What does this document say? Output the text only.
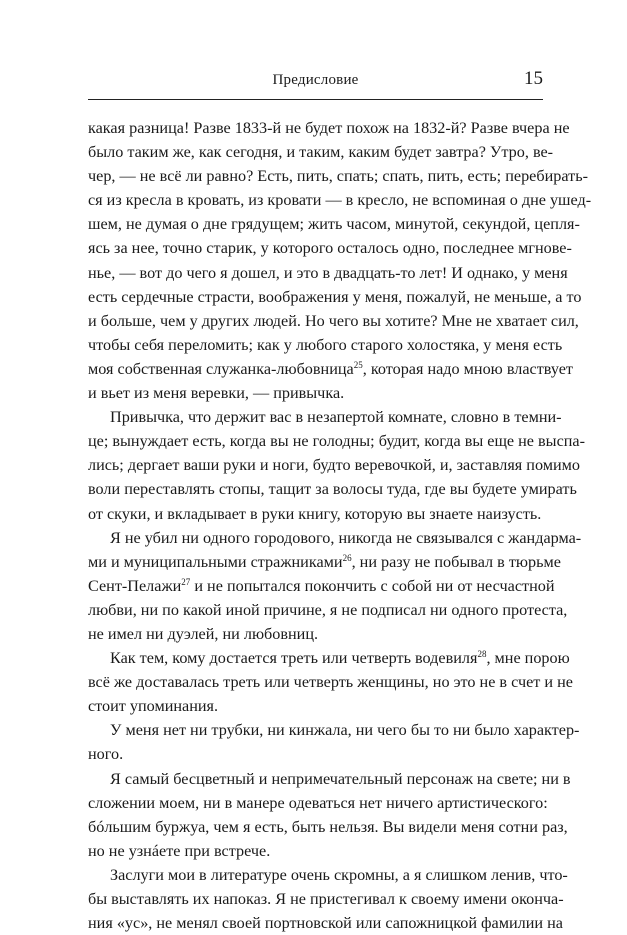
Предисловие	15
какая разница! Разве 1833-й не будет похож на 1832-й? Разве вчера не
было таким же, как сегодня, и таким, каким будет завтра? Утро, ве-
чер, — не всё ли равно? Есть, пить, спать; спать, пить, есть; перебирать-
ся из кресла в кровать, из кровати — в кресло, не вспоминая о дне ушед-
шем, не думая о дне грядущем; жить часом, минутой, секундой, цепля-
ясь за нее, точно старик, у которого осталось одно, последнее мгнове-
нье, — вот до чего я дошел, и это в двадцать-то лет! И однако, у меня
есть сердечные страсти, воображения у меня, пожалуй, не меньше, а то
и больше, чем у других людей. Но чего вы хотите? Мне не хватает сил,
чтобы себя переломить; как у любого старого холостяка, у меня есть
моя собственная служанка-любовница$^{25}$, которая надо мною властвует
и вьет из меня веревки, — привычка.
Привычка, что держит вас в незапертой комнате, словно в темни-
це; вынуждает есть, когда вы не голодны; будит, когда вы еще не выспа-
лись; дергает ваши руки и ноги, будто веревочкой, и, заставляя помимо
воли переставлять стопы, тащит за волосы туда, где вы будете умирать
от скуки, и вкладывает в руки книгу, которую вы знаете наизусть.
Я не убил ни одного городового, никогда не связывался с жандарма-
ми и муниципальными стражниками$^{26}$, ни разу не побывал в тюрьме
Сент-Пелажи$^{27}$ и не попытался покончить с собой ни от несчастной
любви, ни по какой иной причине, я не подписал ни одного протеста,
не имел ни дуэлей, ни любовниц.
Как тем, кому достается треть или четверть водевиля$^{28}$, мне порою
всё же доставалась треть или четверть женщины, но это не в счет и не
стоит упоминания.
У меня нет ни трубки, ни кинжала, ни чего бы то ни было характер-
ного.
Я самый бесцветный и непримечательный персонаж на свете; ни в
сложении моем, ни в манере одеваться нет ничего артистического:
бóльшим буржуа, чем я есть, быть нельзя. Вы видели меня сотни раз,
но не узнáете при встрече.
Заслуги мои в литературе очень скромны, а я слишком ленив, что-
бы выставлять их напоказ. Я не пристегивал к своему имени оконча-
ния «ус», не менял своей портновской или сапожницкой фамилии на
